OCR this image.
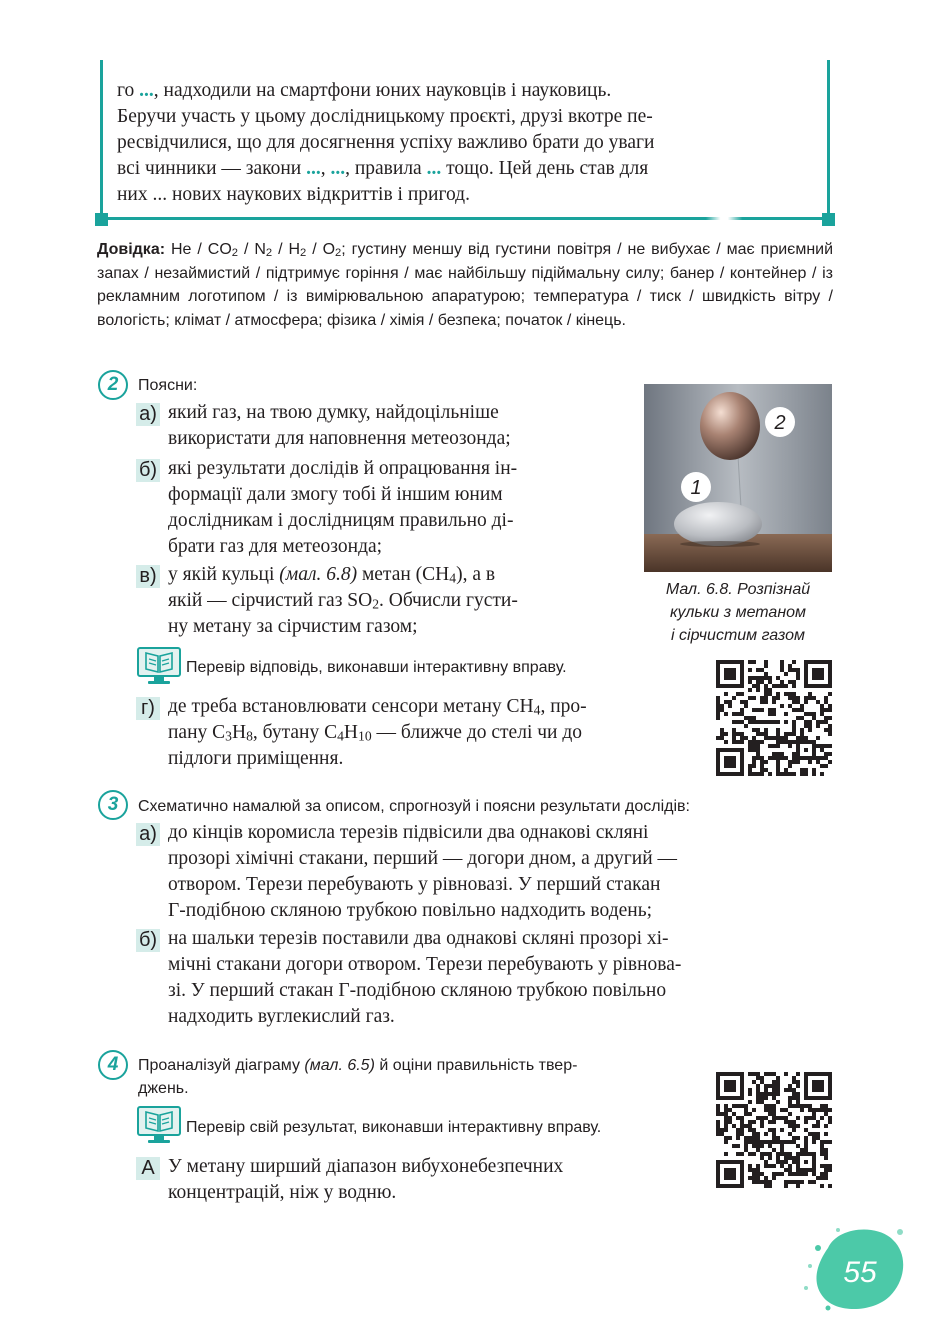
го ..., надходили на смартфони юних науковців і науковиць.
Беручи участь у цьому дослідницькому проєкті, друзі вкотре пе-
ресвідчилися, що для досягнення успіху важливо брати до уваги
всі чинники — закони ..., ..., правила ... тощо. Цей день став для
них ... нових наукових відкриттів і пригод.
Довідка: He / $CO_2 / N_2 / H_2 / O_2$; густину меншу від густини повітря / не вибухає / має приємний запах / незаймистий / підтримує горіння / має найбільшу підіймальну силу; банер / контейнер / із рекламним логотипом / із вимірювальною апаратурою; температура / тиск / швидкість вітру / вологість; клімат / атмосфера; фізика / хімія / безпека; початок / кінець.
2	Поясни:
а) який газ, на твою думку, найдоцільніше
використати для наповнення метеозонда;
б) які результати дослідів й опрацювання ін-
формації дали змогу тобі й іншим юним
дослідникам і дослідницям правильно ді-
брати газ для метеозонда;
в) у якій кульці (мал. 6.8) метан $(CH_4)$, а в
якій — сірчистий газ $SO_2$. Обчисли густи-
ну метану за сірчистим газом;
2
1
Мал. 6.8. Розпізнай
кульки з метаном
і сірчистим газом
Перевір відповідь, виконавши інтерактивну вправу.
г) де треба встановлювати сенсори метану $CH_4$, про-
пану $C_3H_8$, бутану $C_4H_{10}$ — ближче до стелі чи до
підлоги приміщення.
3	Схематично намалюй за описом, спрогнозуй і поясни результати дослідів:
а) до кінців коромисла терезів підвісили два однакові скляні
прозорі хімічні стакани, перший — догори дном, а другий —
отвором. Терези перебувають у рівновазі. У перший стакан
Г-подібною скляною трубкою повільно надходить водень;
б) на шальки терезів поставили два однакові скляні прозорі хі-
мічні стакани догори отвором. Терези перебувають у рівнова-
зі. У перший стакан Г-подібною скляною трубкою повільно
надходить вуглекислий газ.
4	Проаналізуй діаграму (мал. 6.5) й оціни правильність твер-
джень.
Перевір свій результат, виконавши інтерактивну вправу.
А У метану ширший діапазон вибухонебезпечних
концентрацій, ніж у водню.
55
